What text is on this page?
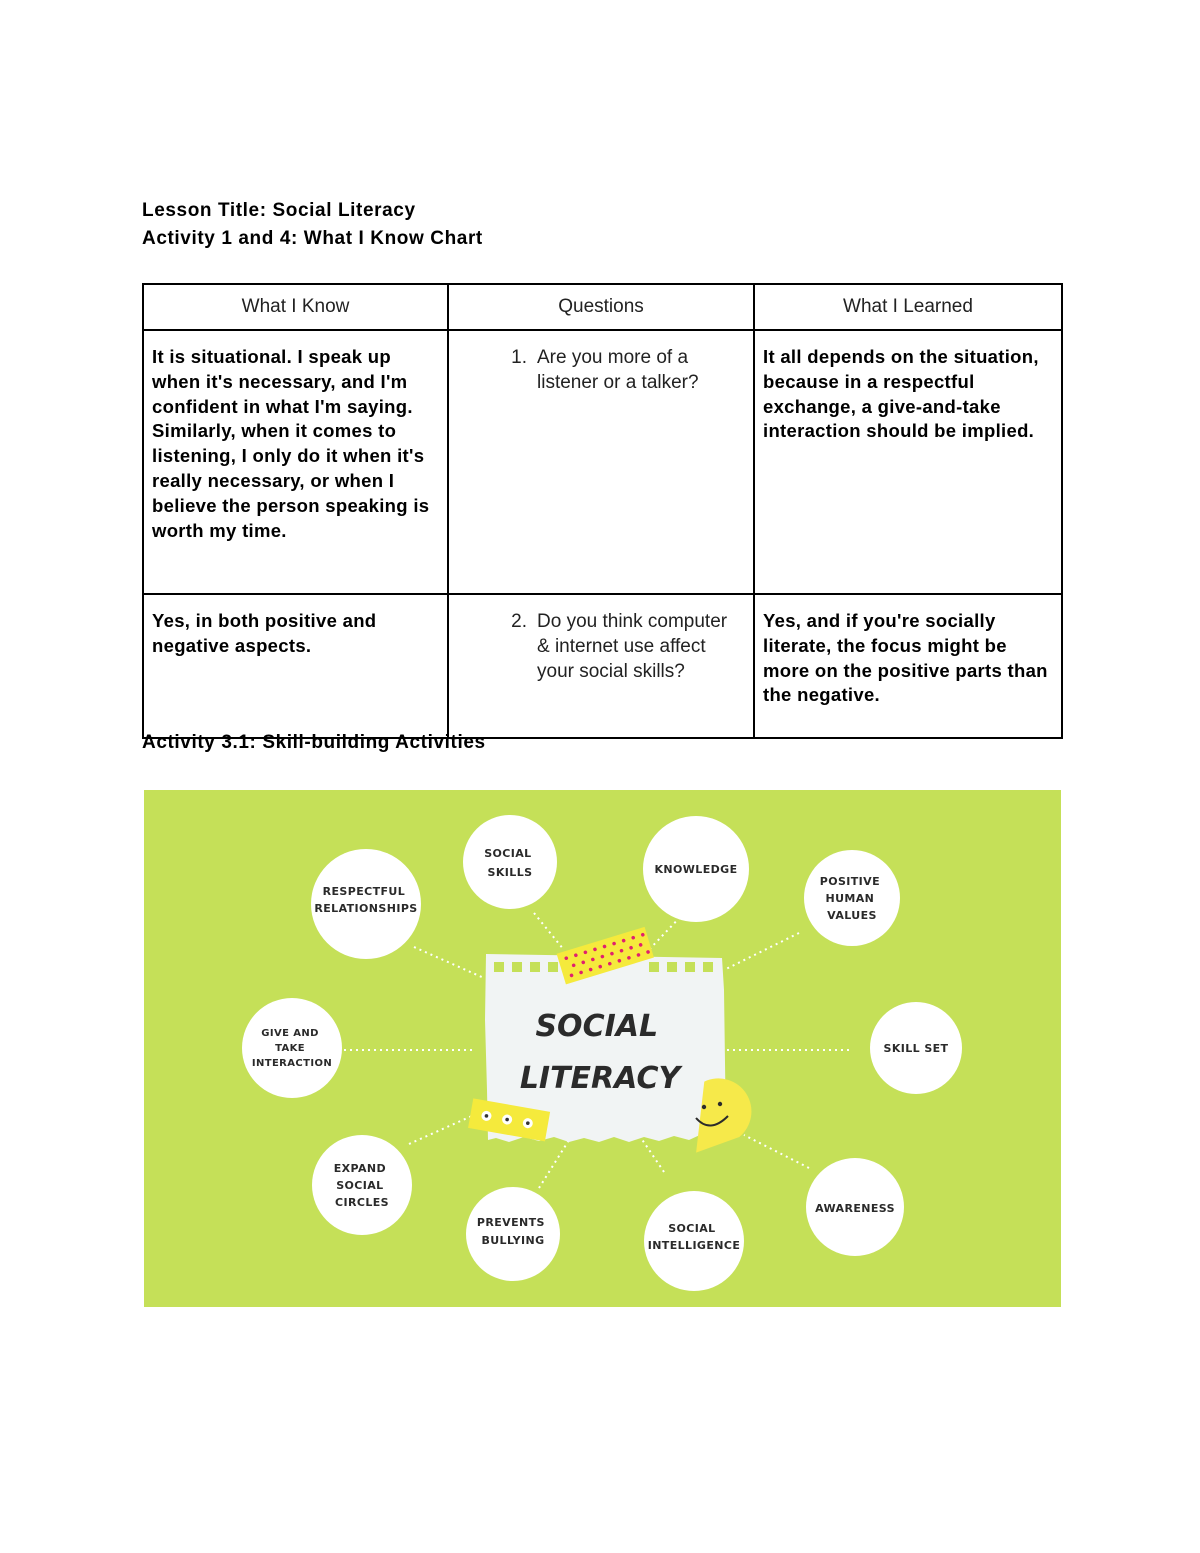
Lesson Title: Social Literacy

Activity 1 and 4: What I Know Chart

What I Know	Questions	What I Learned
It is situational. I speak up when it's necessary, and I'm confident in what I'm saying. Similarly, when it comes to listening, I only do it when it's really necessary, or when I believe the person speaking is worth my time.	1. Are you more of a listener or a talker?	It all depends on the situation, because in a respectful exchange, a give-and-take interaction should be implied.
Yes, in both positive and negative aspects.	2. Do you think computer & internet use affect your social skills?	Yes, and if you're socially literate, the focus might be more on the positive parts than the negative.

Activity 3.1: Skill-building Activities

SOCIAL SKILLS	KNOWLEDGE
RESPECTFUL RELATIONSHIPS
POSITIVE HUMAN VALUES
GIVE AND TAKE INTERACTION
SKILL SET
EXPAND SOCIAL CIRCLES
PREVENTS BULLYING
SOCIAL INTELLIGENCE
AWARENESS
SOCIAL LITERACY
